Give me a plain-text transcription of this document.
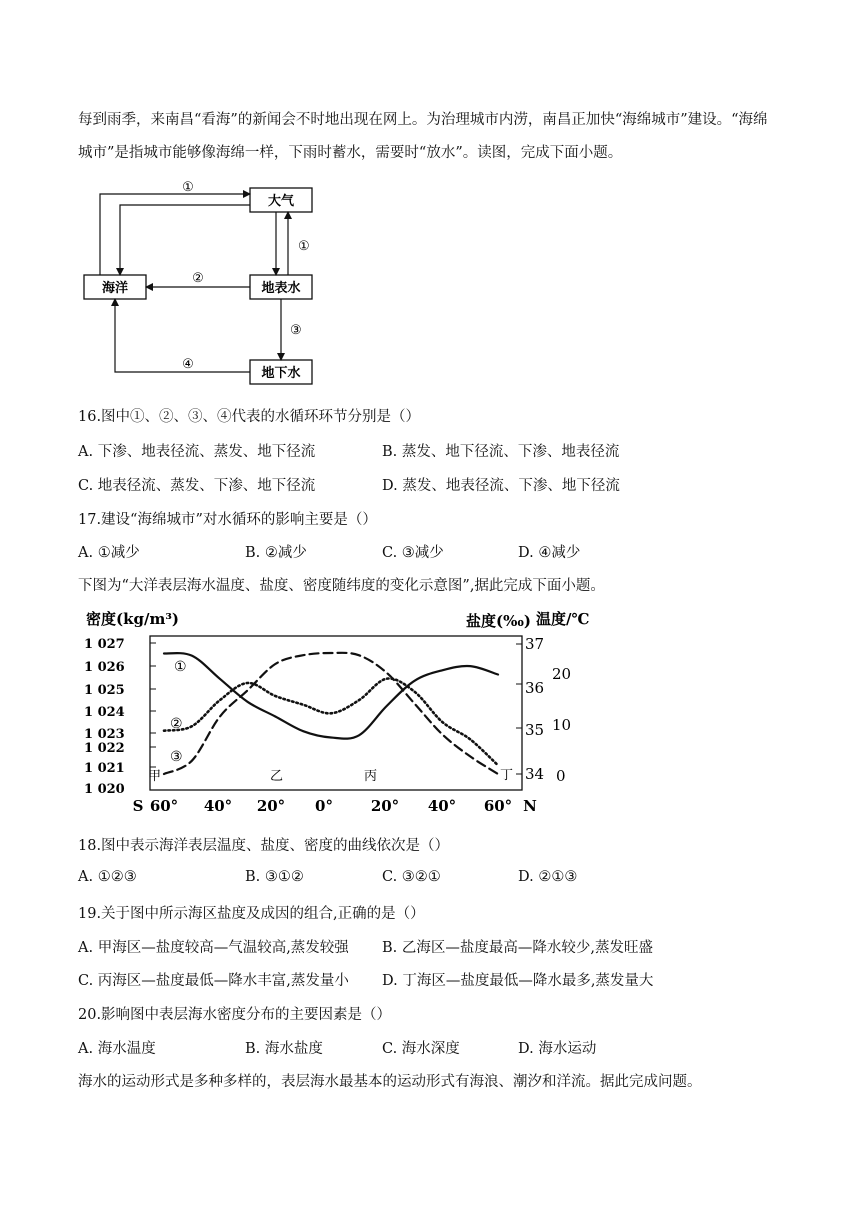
每到雨季，来南昌“看海”的新闻会不时地出现在网上。为治理城市内涝，南昌正加快“海绵城市”建设。“海绵城市”是指城市能够像海绵一样，下雨时蓄水，需要时“放水”。读图，完成下面小题。
大气
海洋	地表水
地下水
①
①
②
③
④
16.图中①、②、③、④代表的水循环环节分别是（）
A. 下渗、地表径流、蒸发、地下径流	B. 蒸发、地下径流、下渗、地表径流
C. 地表径流、蒸发、下渗、地下径流	D. 蒸发、地表径流、下渗、地下径流
17.建设“海绵城市”对水循环的影响主要是（）
A. ①减少	B. ②减少	C. ③减少	D. ④减少
下图为“大洋表层海水温度、盐度、密度随纬度的变化示意图”,据此完成下面小题。
密度(kg/m³)	盐度(‰) 温度/℃
1 027
1 026
1 025
1 024
1 023
1 022
1 021
1 020
37
36
35
34
20
10
0
S 60° 40° 20° 0°	20° 40° 60° N
甲	乙	丙	丁
①
②
③
18.图中表示海洋表层温度、盐度、密度的曲线依次是（）
A. ①②③	B. ③①②	C. ③②①	D. ②①③
19.关于图中所示海区盐度及成因的组合,正确的是（）
A. 甲海区—盐度较高—气温较高,蒸发较强 B. 乙海区—盐度最高—降水较少,蒸发旺盛
C. 丙海区—盐度最低—降水丰富,蒸发量小 D. 丁海区—盐度最低—降水最多,蒸发量大
20.影响图中表层海水密度分布的主要因素是（）
A. 海水温度	B. 海水盐度	C. 海水深度	D. 海水运动
海水的运动形式是多种多样的，表层海水最基本的运动形式有海浪、潮汐和洋流。据此完成问题。
